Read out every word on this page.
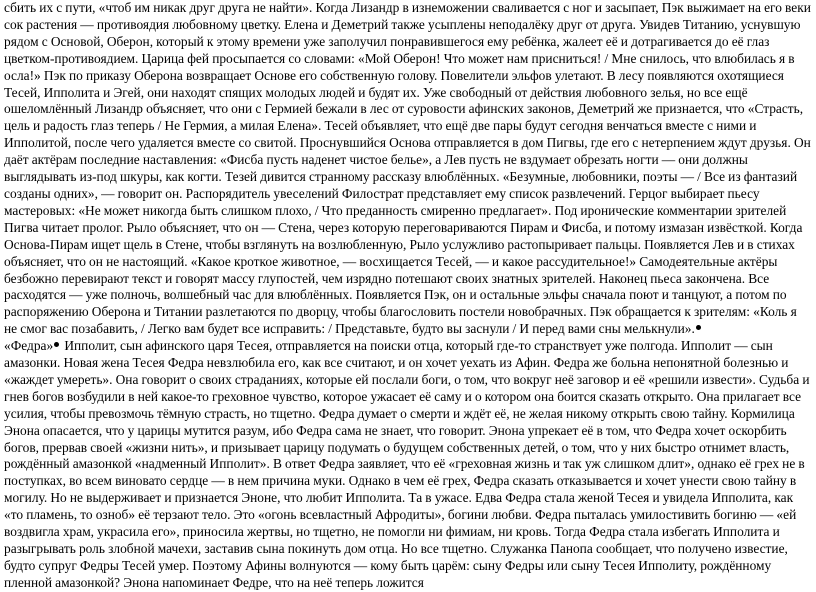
сбить их с пути, «чтоб им никак друг друга не найти». Когда Лизандр в изнеможении сваливается с ног и засыпает, Пэк выжимает на его веки сок растения — противоядия любовному цветку. Елена и Деметрий также усыплены неподалёку друг от друга. Увидев Титанию, уснувшую рядом с Основой, Оберон, который к этому времени уже заполучил понравившегося ему ребёнка, жалеет её и дотрагивается до её глаз цветком-противоядием. Царица фей просыпается со словами: «Мой Оберон! Что может нам присниться! / Мне снилось, что влюбилась я в осла!» Пэк по приказу Оберона возвращает Основе его собственную голову. Повелители эльфов улетают. В лесу появляются охотящиеся Тесей, Ипполита и Эгей, они находят спящих молодых людей и будят их. Уже свободный от действия любовного зелья, но все ещё ошеломлённый Лизандр объясняет, что они с Гермией бежали в лес от суровости афинских законов, Деметрий же признается, что «Страсть, цель и радость глаз теперь / Не Гермия, а милая Елена». Тесей объявляет, что ещё две пары будут сегодня венчаться вместе с ними и Ипполитой, после чего удаляется вместе со свитой. Проснувшийся Основа отправляется в дом Пигвы, где его с нетерпением ждут друзья. Он даёт актёрам последние наставления: «Фисба пусть наденет чистое белье», а Лев пусть не вздумает обрезать ногти — они должны выглядывать из-под шкуры, как когти. Тезей дивится странному рассказу влюблённых. «Безумные, любовники, поэты — / Все из фантазий созданы одних», — говорит он. Распорядитель увеселений Филострат представляет ему список развлечений. Герцог выбирает пьесу мастеровых: «Не может никогда быть слишком плохо, / Что преданность смиренно предлагает». Под иронические комментарии зрителей Пигва читает пролог. Рыло объясняет, что он — Стена, через которую переговариваются Пирам и Фисба, и потому измазан извёсткой. Когда Основа-Пирам ищет щель в Стене, чтобы взглянуть на возлюбленную, Рыло услужливо растопыривает пальцы. Появляется Лев и в стихах объясняет, что он не настоящий. «Какое кроткое животное, — восхищается Тесей, — и какое рассудительное!» Самодеятельные актёры безбожно перевирают текст и говорят массу глупостей, чем изрядно потешают своих знатных зрителей. Наконец пьеса закончена. Все расходятся — уже полночь, волшебный час для влюблённых. Появляется Пэк, он и остальные эльфы сначала поют и танцуют, а потом по распоряжению Оберона и Титании разлетаются по дворцу, чтобы благословить постели новобрачных. Пэк обращается к зрителям: «Коль я не смог вас позабавить, / Легко вам будет все исправить: / Представьте, будто вы заснули / И перед вами сны мелькнули».

«Федра» Ипполит, сын афинского царя Тесея, отправляется на поиски отца, который где-то странствует уже полгода. Ипполит — сын амазонки. Новая жена Тесея Федра невзлюбила его, как все считают, и он хочет уехать из Афин. Федра же больна непонятной болезнью и «жаждет умереть». Она говорит о своих страданиях, которые ей послали боги, о том, что вокруг неё заговор и её «решили извести». Судьба и гнев богов возбудили в ней какое-то греховное чувство, которое ужасает её саму и о котором она боится сказать открыто. Она прилагает все усилия, чтобы превозмочь тёмную страсть, но тщетно. Федра думает о смерти и ждёт её, не желая никому открыть свою тайну. Кормилица Энона опасается, что у царицы мутится разум, ибо Федра сама не знает, что говорит. Энона упрекает её в том, что Федра хочет оскорбить богов, прервав своей «жизни нить», и призывает царицу подумать о будущем собственных детей, о том, что у них быстро отнимет власть, рождённый амазонкой «надменный Ипполит». В ответ Федра заявляет, что её «греховная жизнь и так уж слишком длит», однако её грех не в поступках, во всем виновато сердце — в нем причина муки. Однако в чем её грех, Федра сказать отказывается и хочет унести свою тайну в могилу. Но не выдерживает и признается Эноне, что любит Ипполита. Та в ужасе. Едва Федра стала женой Тесея и увидела Ипполита, как «то пламень, то озноб» её терзают тело. Это «огонь всевластный Афродиты», богини любви. Федра пыталась умилостивить богиню — «ей воздвигла храм, украсила его», приносила жертвы, но тщетно, не помогли ни фимиам, ни кровь. Тогда Федра стала избегать Ипполита и разыгрывать роль злобной мачехи, заставив сына покинуть дом отца. Но все тщетно. Служанка Панопа сообщает, что получено известие, будто супруг Федры Тесей умер. Поэтому Афины волнуются — кому быть царём: сыну Федры или сыну Тесея Ипполиту, рождённому пленной амазонкой? Энона напоминает Федре, что на неё теперь ложится
